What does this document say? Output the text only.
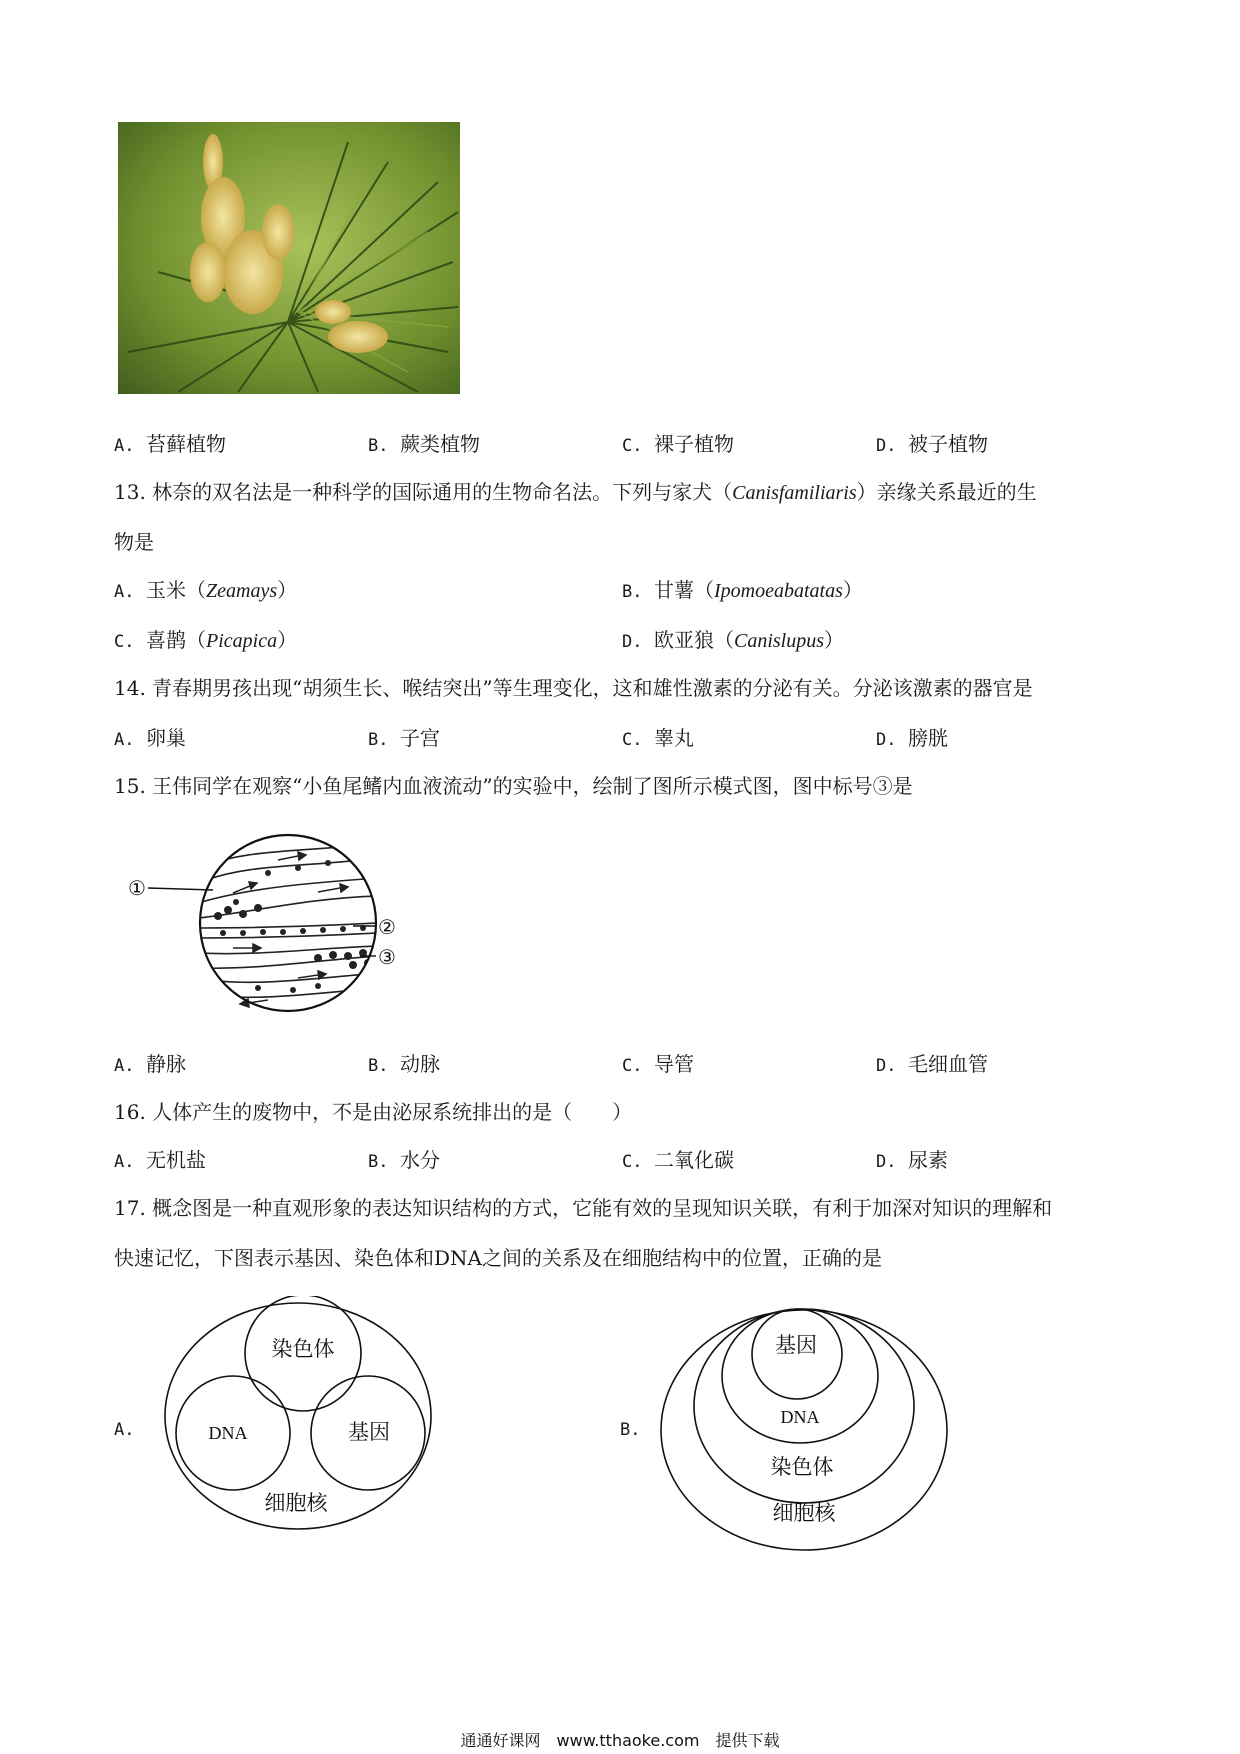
A. 苔藓植物	B. 蕨类植物	C. 裸子植物	D. 被子植物
13. 林奈的双名法是一种科学的国际通用的生物命名法。下列与家犬（Canisfamiliaris）亲缘关系最近的生
物是
A. 玉米（Zeamays）	B. 甘薯（Ipomoeabatatas）
C. 喜鹊（Picapica）	D. 欧亚狼（Canislupus）
14. 青春期男孩出现“胡须生长、喉结突出”等生理变化，这和雄性激素的分泌有关。分泌该激素的器官是
A. 卵巢	B. 子宫	C. 睾丸	D. 膀胱
15. 王伟同学在观察“小鱼尾鳍内血液流动”的实验中，绘制了图所示模式图，图中标号③是
①
②
③
A. 静脉	B. 动脉	C. 导管	D. 毛细血管
16. 人体产生的废物中，不是由泌尿系统排出的是（　　）
A. 无机盐	B. 水分	C. 二氧化碳	D. 尿素
17. 概念图是一种直观形象的表达知识结构的方式，它能有效的呈现知识关联，有利于加深对知识的理解和
快速记忆，下图表示基因、染色体和DNA之间的关系及在细胞结构中的位置，正确的是
A.
染色体
DNA	基因
细胞核
B.
基因
DNA
染色体
细胞核
通通好课网　www.tthaoke.com　提供下载
